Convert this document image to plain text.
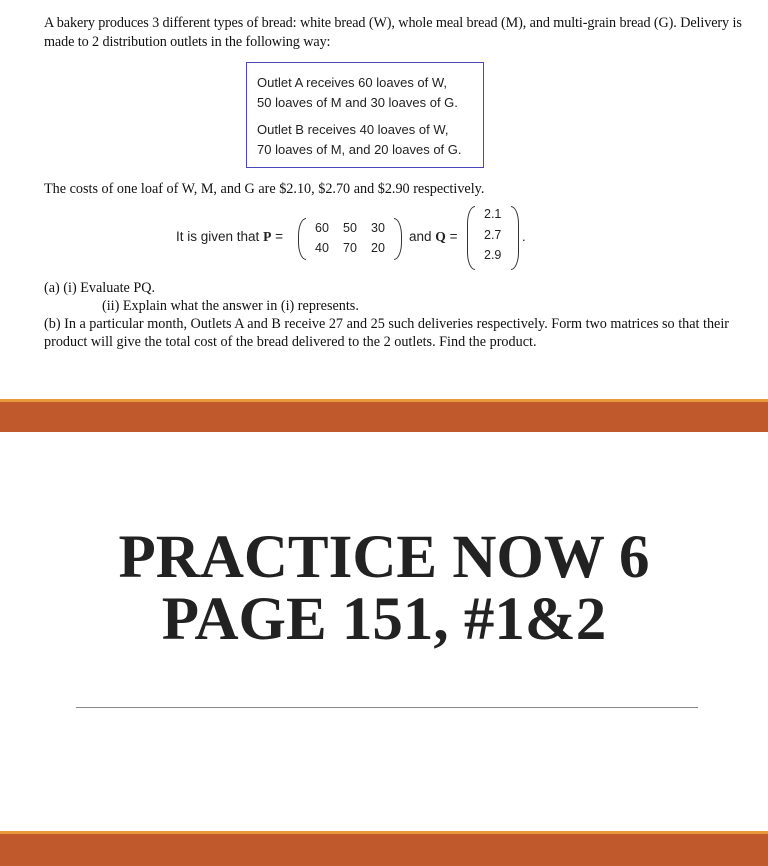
A bakery produces 3 different types of bread: white bread (W), whole meal bread (M), and multi-grain bread (G). Delivery is made to 2 distribution outlets in the following way:
Outlet A receives 60 loaves of W,
50 loaves of M and 30 loaves of G.
Outlet B receives 40 loaves of W,
70 loaves of M, and 20 loaves of G.
The costs of one loaf of W, M, and G are $2.10, $2.70 and $2.90 respectively.
It is given that P =
60 50 30
40 70 20
and Q =
2.1
2.7
2.9
.
(a) (i) Evaluate PQ.
(ii) Explain what the answer in (i) represents.
(b) In a particular month, Outlets A and B receive 27 and 25 such deliveries respectively. Form two matrices so that their product will give the total cost of the bread delivered to the 2 outlets. Find the product.
PRACTICE NOW 6
PAGE 151, #1&2
